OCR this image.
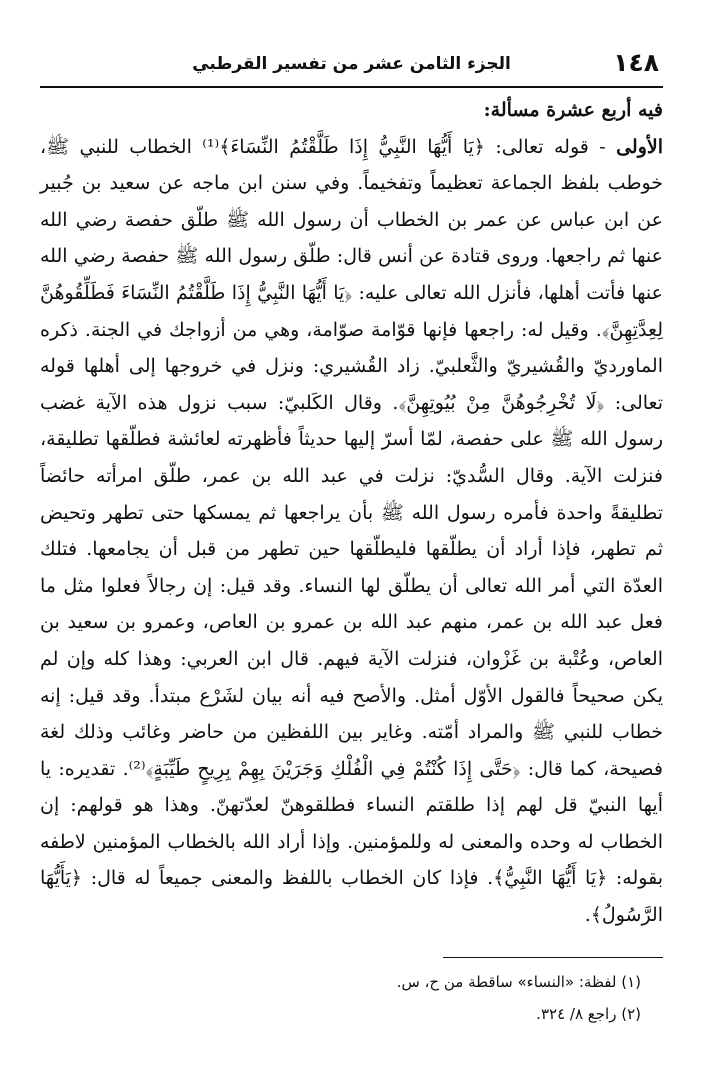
١٤٨
الجزء الثامن عشر من تفسير القرطبي

فيه أربع عشرة مسألة:

الأولى - قوله تعالى: ﴿يَا أَيُّهَا النَّبِيُّ إِذَا طَلَّقْتُمُ النِّسَاءَ﴾⁽¹⁾ الخطاب للنبي ﷺ، خوطب بلفظ الجماعة تعظيماً وتفخيماً. وفي سنن ابن ماجه عن سعيد بن جُبير عن ابن عباس عن عمر بن الخطاب أن رسول الله ﷺ طلّق حفصة رضي الله عنها ثم راجعها. وروى قتادة عن أنس قال: طلّق رسول الله ﷺ حفصة رضي الله عنها فأتت أهلها، فأنزل الله تعالى عليه: ﴿يَا أَيُّهَا النَّبِيُّ إِذَا طَلَّقْتُمُ النِّسَاءَ فَطَلِّقُوهُنَّ لِعِدَّتِهِنَّ﴾. وقيل له: راجعها فإنها قوّامة صوّامة، وهي من أزواجك في الجنة. ذكره الماورديّ والقُشيريّ والثَّعلبيّ. زاد القُشيري: ونزل في خروجها إلى أهلها قوله تعالى: ﴿لَا تُخْرِجُوهُنَّ مِنْ بُيُوتِهِنَّ﴾. وقال الكَلبيّ: سبب نزول هذه الآية غضب رسول الله ﷺ على حفصة، لمّا أسرّ إليها حديثاً فأظهرته لعائشة فطلّقها تطليقة، فنزلت الآية. وقال السُّديّ: نزلت في عبد الله بن عمر، طلّق امرأته حائضاً تطليقةً واحدة فأمره رسول الله ﷺ بأن يراجعها ثم يمسكها حتى تطهر وتحيض ثم تطهر، فإذا أراد أن يطلّقها فليطلّقها حين تطهر من قبل أن يجامعها. فتلك العدّة التي أمر الله تعالى أن يطلّق لها النساء. وقد قيل: إن رجالاً فعلوا مثل ما فعل عبد الله بن عمر، منهم عبد الله بن عمرو بن العاص، وعمرو بن سعيد بن العاص، وعُتْبة بن غَزْوان، فنزلت الآية فيهم. قال ابن العربي: وهذا كله وإن لم يكن صحيحاً فالقول الأوّل أمثل. والأصح فيه أنه بيان لشَرْع مبتدأ. وقد قيل: إنه خطاب للنبي ﷺ والمراد أمّته. وغاير بين اللفظين من حاضر وغائب وذلك لغة فصيحة، كما قال: ﴿حَتَّى إِذَا كُنْتُمْ فِي الْفُلْكِ وَجَرَيْنَ بِهِمْ بِرِيحٍ طَيِّبَةٍ﴾⁽²⁾. تقديره: يا أيها النبيّ قل لهم إذا طلقتم النساء فطلقوهنّ لعدّتهنّ. وهذا هو قولهم: إن الخطاب له وحده والمعنى له وللمؤمنين. وإذا أراد الله بالخطاب المؤمنين لاطفه بقوله: ﴿يَا أَيُّهَا النَّبِيُّ﴾. فإذا كان الخطاب باللفظ والمعنى جميعاً له قال: ﴿يَأَيُّهَا الرَّسُولُ﴾.

(١) لفظة: «النساء» ساقطة من ح، س.

(٢) راجع ٨/ ٣٢٤.
